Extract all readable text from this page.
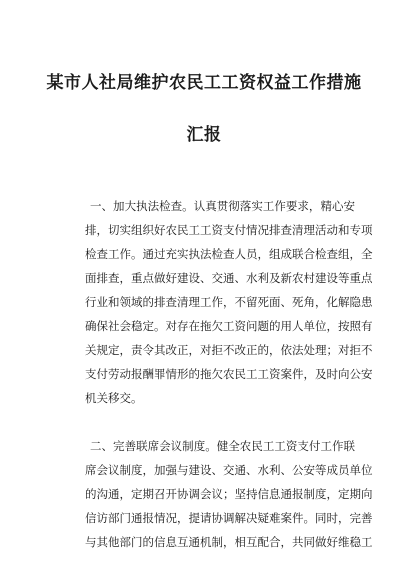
某市人社局维护农民工工资权益工作措施
汇报
一、加大执法检查。认真贯彻落实工作要求，精心安
排，切实组织好农民工工资支付情况排查清理活动和专项
检查工作。通过充实执法检查人员，组成联合检查组，全
面排查，重点做好建设、交通、水利及新农村建设等重点
行业和领域的排查清理工作，不留死面、死角，化解隐患
确保社会稳定。对存在拖欠工资问题的用人单位，按照有
关规定，责令其改正，对拒不改正的，依法处理；对拒不
支付劳动报酬罪情形的拖欠农民工工资案件，及时向公安
机关移交。
二、完善联席会议制度。健全农民工工资支付工作联
席会议制度，加强与建设、交通、水利、公安等成员单位
的沟通，定期召开协调会议；坚持信息通报制度，定期向
信访部门通报情况，提请协调解决疑难案件。同时，完善
与其他部门的信息互通机制，相互配合，共同做好维稳工
